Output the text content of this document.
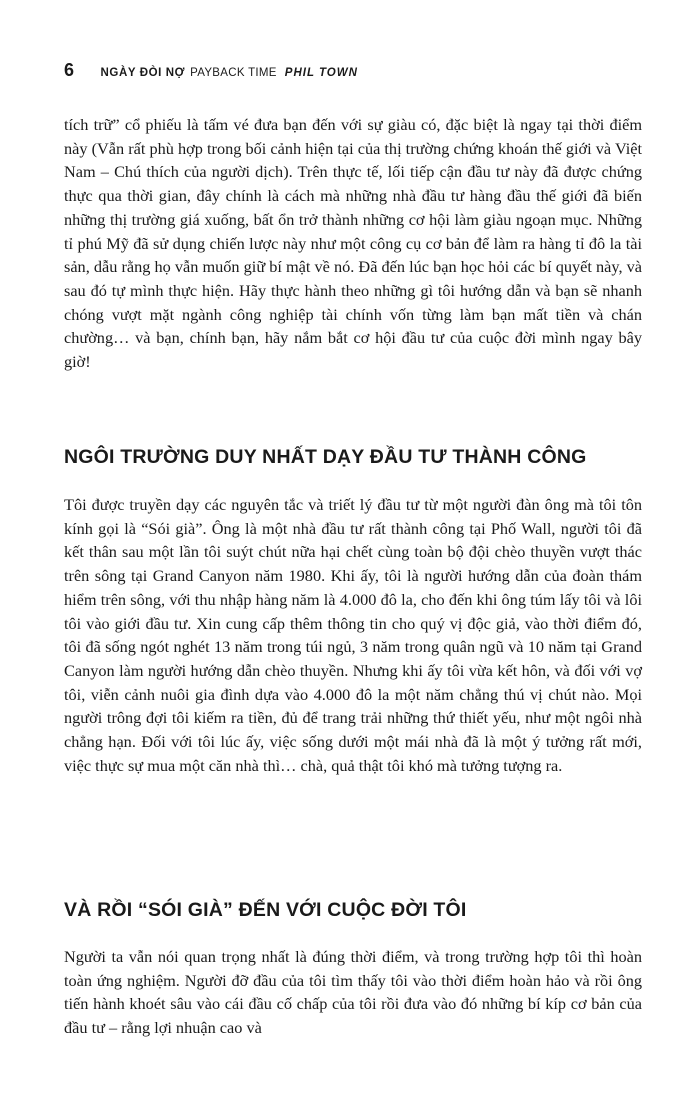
6 NGÀY ĐÒI NỢ PAYBACK TIME PHIL TOWN

tích trữ” cổ phiếu là tấm vé đưa bạn đến với sự giàu có, đặc biệt là ngay tại thời điểm này (Vẫn rất phù hợp trong bối cảnh hiện tại của thị trường chứng khoán thế giới và Việt Nam – Chú thích của người dịch). Trên thực tế, lối tiếp cận đầu tư này đã được chứng thực qua thời gian, đây chính là cách mà những nhà đầu tư hàng đầu thế giới đã biến những thị trường giá xuống, bất ổn trở thành những cơ hội làm giàu ngoạn mục. Những tỉ phú Mỹ đã sử dụng chiến lược này như một công cụ cơ bản để làm ra hàng tỉ đô la tài sản, dẫu rằng họ vẫn muốn giữ bí mật về nó. Đã đến lúc bạn học hỏi các bí quyết này, và sau đó tự mình thực hiện. Hãy thực hành theo những gì tôi hướng dẫn và bạn sẽ nhanh chóng vượt mặt ngành công nghiệp tài chính vốn từng làm bạn mất tiền và chán chường… và bạn, chính bạn, hãy nắm bắt cơ hội đầu tư của cuộc đời mình ngay bây giờ!

NGÔI TRƯỜNG DUY NHẤT DẠY ĐẦU TƯ THÀNH CÔNG

Tôi được truyền dạy các nguyên tắc và triết lý đầu tư từ một người đàn ông mà tôi tôn kính gọi là “Sói già”. Ông là một nhà đầu tư rất thành công tại Phố Wall, người tôi đã kết thân sau một lần tôi suýt chút nữa hại chết cùng toàn bộ đội chèo thuyền vượt thác trên sông tại Grand Canyon năm 1980. Khi ấy, tôi là người hướng dẫn của đoàn thám hiểm trên sông, với thu nhập hàng năm là 4.000 đô la, cho đến khi ông túm lấy tôi và lôi tôi vào giới đầu tư. Xin cung cấp thêm thông tin cho quý vị độc giả, vào thời điểm đó, tôi đã sống ngót nghét 13 năm trong túi ngủ, 3 năm trong quân ngũ và 10 năm tại Grand Canyon làm người hướng dẫn chèo thuyền. Nhưng khi ấy tôi vừa kết hôn, và đối với vợ tôi, viễn cảnh nuôi gia đình dựa vào 4.000 đô la một năm chẳng thú vị chút nào. Mọi người trông đợi tôi kiếm ra tiền, đủ để trang trải những thứ thiết yếu, như một ngôi nhà chẳng hạn. Đối với tôi lúc ấy, việc sống dưới một mái nhà đã là một ý tưởng rất mới, việc thực sự mua một căn nhà thì… chà, quả thật tôi khó mà tưởng tượng ra.

VÀ RỒI “SÓI GIÀ” ĐẾN VỚI CUỘC ĐỜI TÔI

Người ta vẫn nói quan trọng nhất là đúng thời điểm, và trong trường hợp tôi thì hoàn toàn ứng nghiệm. Người đỡ đầu của tôi tìm thấy tôi vào thời điểm hoàn hảo và rồi ông tiến hành khoét sâu vào cái đầu cố chấp của tôi rồi đưa vào đó những bí kíp cơ bản của đầu tư – rằng lợi nhuận cao và
